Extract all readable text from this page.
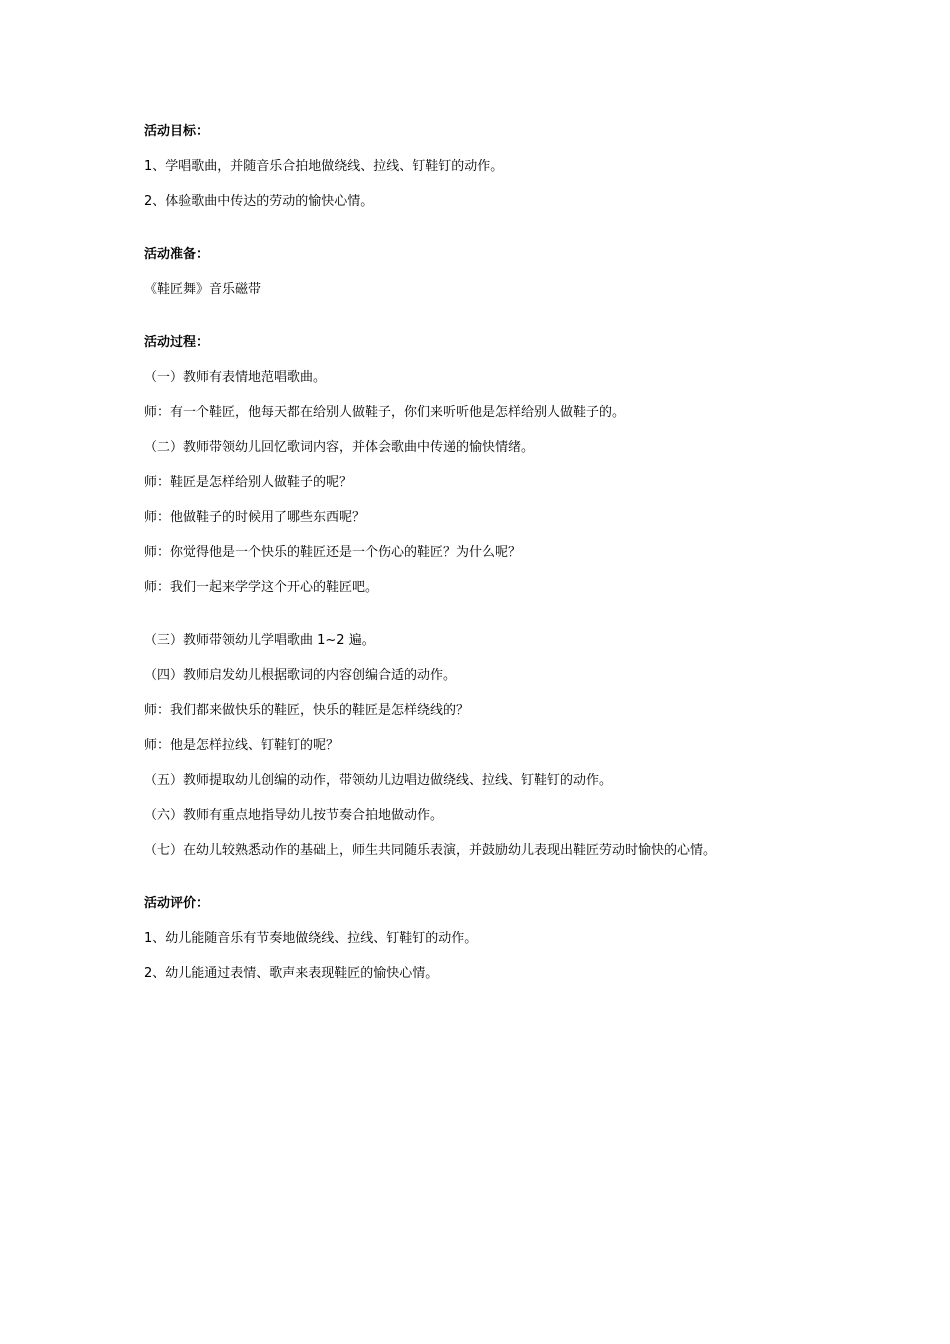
活动目标：
1、学唱歌曲，并随音乐合拍地做绕线、拉线、钉鞋钉的动作。
2、体验歌曲中传达的劳动的愉快心情。
活动准备：
《鞋匠舞》音乐磁带
活动过程：
（一）教师有表情地范唱歌曲。
师：有一个鞋匠，他每天都在给别人做鞋子，你们来听听他是怎样给别人做鞋子的。
（二）教师带领幼儿回忆歌词内容，并体会歌曲中传递的愉快情绪。
师：鞋匠是怎样给别人做鞋子的呢？
师：他做鞋子的时候用了哪些东西呢？
师：你觉得他是一个快乐的鞋匠还是一个伤心的鞋匠？为什么呢？
师：我们一起来学学这个开心的鞋匠吧。
（三）教师带领幼儿学唱歌曲 1~2 遍。
（四）教师启发幼儿根据歌词的内容创编合适的动作。
师：我们都来做快乐的鞋匠，快乐的鞋匠是怎样绕线的？
师：他是怎样拉线、钉鞋钉的呢？
（五）教师提取幼儿创编的动作，带领幼儿边唱边做绕线、拉线、钉鞋钉的动作。
（六）教师有重点地指导幼儿按节奏合拍地做动作。
（七）在幼儿较熟悉动作的基础上，师生共同随乐表演，并鼓励幼儿表现出鞋匠劳动时愉快的心情。
活动评价：
1、幼儿能随音乐有节奏地做绕线、拉线、钉鞋钉的动作。
2、幼儿能通过表情、歌声来表现鞋匠的愉快心情。
